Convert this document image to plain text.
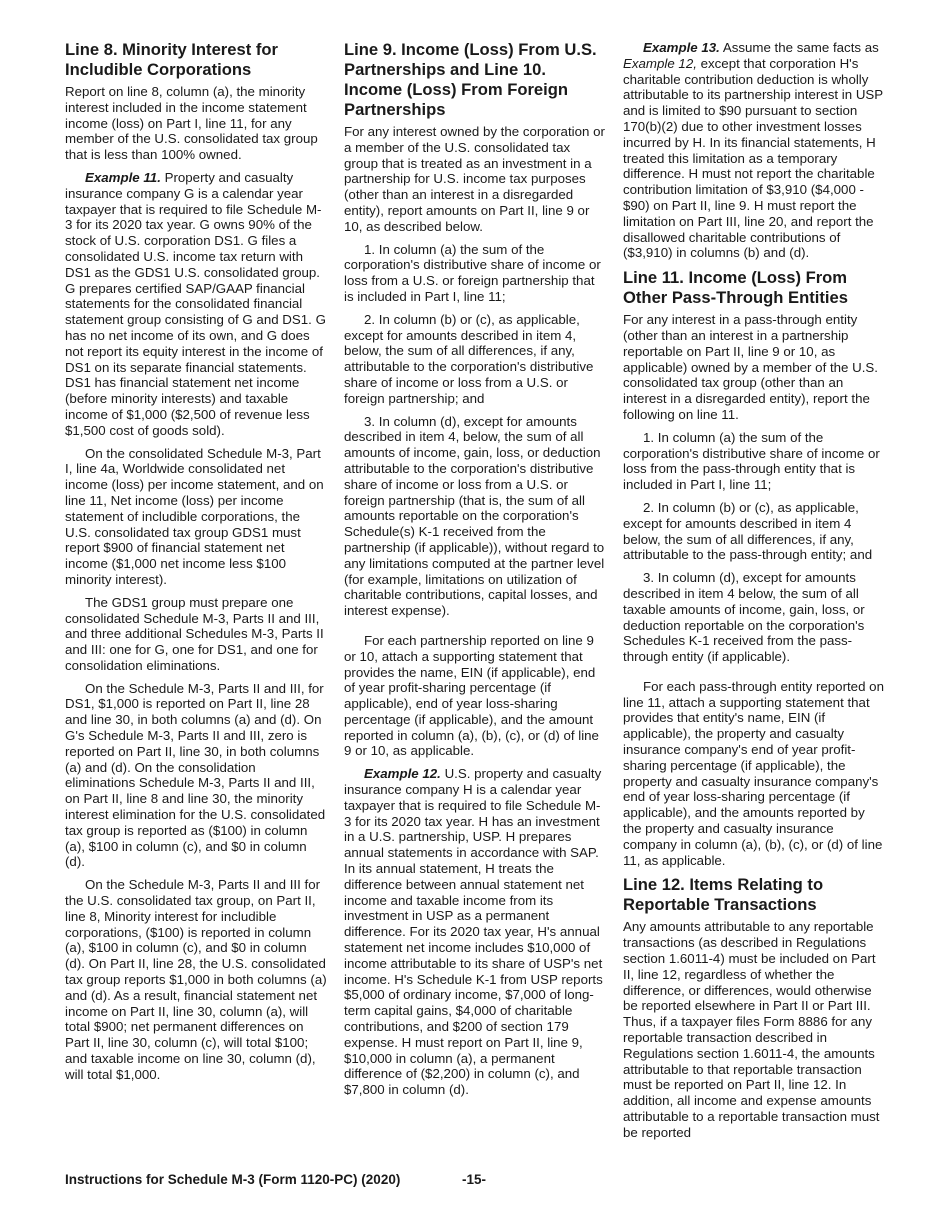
Line 8. Minority Interest for Includible Corporations

Report on line 8, column (a), the minority interest included in the income statement income (loss) on Part I, line 11, for any member of the U.S. consolidated tax group that is less than 100% owned.

Example 11. Property and casualty insurance company G is a calendar year taxpayer that is required to file Schedule M-3 for its 2020 tax year. G owns 90% of the stock of U.S. corporation DS1. G files a consolidated U.S. income tax return with DS1 as the GDS1 U.S. consolidated group. G prepares certified SAP/GAAP financial statements for the consolidated financial statement group consisting of G and DS1. G has no net income of its own, and G does not report its equity interest in the income of DS1 on its separate financial statements. DS1 has financial statement net income (before minority interests) and taxable income of $1,000 ($2,500 of revenue less $1,500 cost of goods sold).

On the consolidated Schedule M-3, Part I, line 4a, Worldwide consolidated net income (loss) per income statement, and on line 11, Net income (loss) per income statement of includible corporations, the U.S. consolidated tax group GDS1 must report $900 of financial statement net income ($1,000 net income less $100 minority interest).

The GDS1 group must prepare one consolidated Schedule M-3, Parts II and III, and three additional Schedules M-3, Parts II and III: one for G, one for DS1, and one for consolidation eliminations.

On the Schedule M-3, Parts II and III, for DS1, $1,000 is reported on Part II, line 28 and line 30, in both columns (a) and (d). On G's Schedule M-3, Parts II and III, zero is reported on Part II, line 30, in both columns (a) and (d). On the consolidation eliminations Schedule M-3, Parts II and III, on Part II, line 8 and line 30, the minority interest elimination for the U.S. consolidated tax group is reported as ($100) in column (a), $100 in column (c), and $0 in column (d).

On the Schedule M-3, Parts II and III for the U.S. consolidated tax group, on Part II, line 8, Minority interest for includible corporations, ($100) is reported in column (a), $100 in column (c), and $0 in column (d). On Part II, line 28, the U.S. consolidated tax group reports $1,000 in both columns (a) and (d). As a result, financial statement net income on Part II, line 30, column (a), will total $900; net permanent differences on Part II, line 30, column (c), will total $100; and taxable income on line 30, column (d), will total $1,000.

Line 9. Income (Loss) From U.S. Partnerships and Line 10. Income (Loss) From Foreign Partnerships

For any interest owned by the corporation or a member of the U.S. consolidated tax group that is treated as an investment in a partnership for U.S. income tax purposes (other than an interest in a disregarded entity), report amounts on Part II, line 9 or 10, as described below.

1. In column (a) the sum of the corporation's distributive share of income or loss from a U.S. or foreign partnership that is included in Part I, line 11;

2. In column (b) or (c), as applicable, except for amounts described in item 4, below, the sum of all differences, if any, attributable to the corporation's distributive share of income or loss from a U.S. or foreign partnership; and

3. In column (d), except for amounts described in item 4, below, the sum of all amounts of income, gain, loss, or deduction attributable to the corporation's distributive share of income or loss from a U.S. or foreign partnership (that is, the sum of all amounts reportable on the corporation's Schedule(s) K-1 received from the partnership (if applicable)), without regard to any limitations computed at the partner level (for example, limitations on utilization of charitable contributions, capital losses, and interest expense).

For each partnership reported on line 9 or 10, attach a supporting statement that provides the name, EIN (if applicable), end of year profit-sharing percentage (if applicable), end of year loss-sharing percentage (if applicable), and the amount reported in column (a), (b), (c), or (d) of line 9 or 10, as applicable.

Example 12. U.S. property and casualty insurance company H is a calendar year taxpayer that is required to file Schedule M-3 for its 2020 tax year. H has an investment in a U.S. partnership, USP. H prepares annual statements in accordance with SAP. In its annual statement, H treats the difference between annual statement net income and taxable income from its investment in USP as a permanent difference. For its 2020 tax year, H's annual statement net income includes $10,000 of income attributable to its share of USP's net income. H's Schedule K-1 from USP reports $5,000 of ordinary income, $7,000 of long-term capital gains, $4,000 of charitable contributions, and $200 of section 179 expense. H must report on Part II, line 9, $10,000 in column (a), a permanent difference of ($2,200) in column (c), and $7,800 in column (d).

Example 13. Assume the same facts as Example 12, except that corporation H's charitable contribution deduction is wholly attributable to its partnership interest in USP and is limited to $90 pursuant to section 170(b)(2) due to other investment losses incurred by H. In its financial statements, H treated this limitation as a temporary difference. H must not report the charitable contribution limitation of $3,910 ($4,000 - $90) on Part II, line 9. H must report the limitation on Part III, line 20, and report the disallowed charitable contributions of ($3,910) in columns (b) and (d).

Line 11. Income (Loss) From Other Pass-Through Entities

For any interest in a pass-through entity (other than an interest in a partnership reportable on Part II, line 9 or 10, as applicable) owned by a member of the U.S. consolidated tax group (other than an interest in a disregarded entity), report the following on line 11.

1. In column (a) the sum of the corporation's distributive share of income or loss from the pass-through entity that is included in Part I, line 11;

2. In column (b) or (c), as applicable, except for amounts described in item 4 below, the sum of all differences, if any, attributable to the pass-through entity; and

3. In column (d), except for amounts described in item 4 below, the sum of all taxable amounts of income, gain, loss, or deduction reportable on the corporation's Schedules K-1 received from the pass-through entity (if applicable).

For each pass-through entity reported on line 11, attach a supporting statement that provides that entity's name, EIN (if applicable), the property and casualty insurance company's end of year profit-sharing percentage (if applicable), the property and casualty insurance company's end of year loss-sharing percentage (if applicable), and the amounts reported by the property and casualty insurance company in column (a), (b), (c), or (d) of line 11, as applicable.

Line 12. Items Relating to Reportable Transactions

Any amounts attributable to any reportable transactions (as described in Regulations section 1.6011-4) must be included on Part II, line 12, regardless of whether the difference, or differences, would otherwise be reported elsewhere in Part II or Part III. Thus, if a taxpayer files Form 8886 for any reportable transaction described in Regulations section 1.6011-4, the amounts attributable to that reportable transaction must be reported on Part II, line 12. In addition, all income and expense amounts attributable to a reportable transaction must be reported

Instructions for Schedule M-3 (Form 1120-PC) (2020)	-15-
